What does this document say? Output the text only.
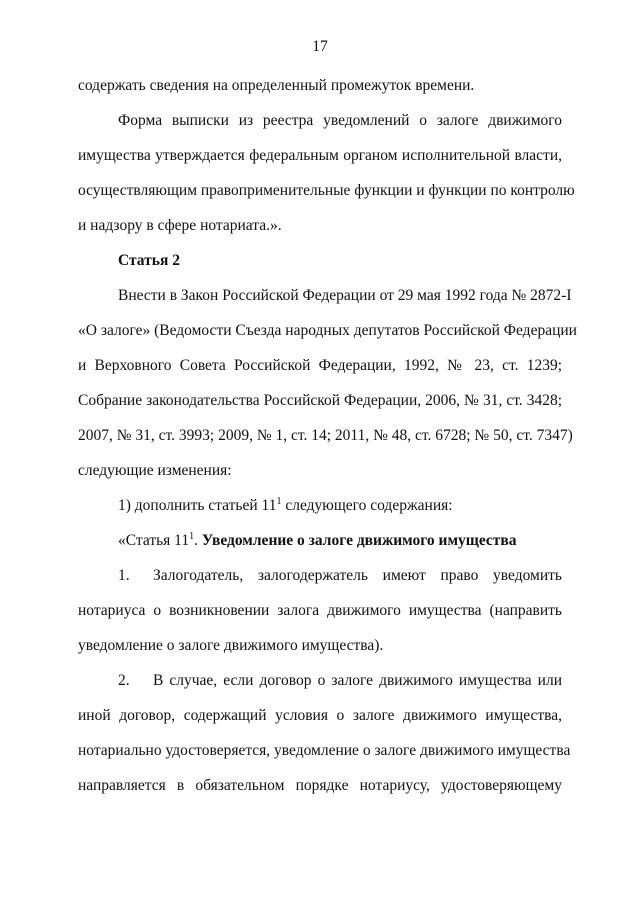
17
содержать сведения на определенный промежуток времени.
Форма выписки из реестра уведомлений о залоге движимого
имущества утверждается федеральным органом исполнительной власти,
осуществляющим правоприменительные функции и функции по контролю
и надзору в сфере нотариата.».
Статья 2
Внести в Закон Российской Федерации от 29 мая 1992 года № 2872-I
«О залоге» (Ведомости Съезда народных депутатов Российской Федерации
и Верховного Совета Российской Федерации, 1992, № 23, ст. 1239;
Собрание законодательства Российской Федерации, 2006, № 31, ст. 3428;
2007, № 31, ст. 3993; 2009, № 1, ст. 14; 2011, № 48, ст. 6728; № 50, ст. 7347)
следующие изменения:
1) дополнить статьей $11^1$ следующего содержания:
«Статья $11^1$. Уведомление о залоге движимого имущества
1. Залогодатель, залогодержатель имеют право уведомить
нотариуса о возникновении залога движимого имущества (направить
уведомление о залоге движимого имущества).
2. В случае, если договор о залоге движимого имущества или
иной договор, содержащий условия о залоге движимого имущества,
нотариально удостоверяется, уведомление о залоге движимого имущества
направляется в обязательном порядке нотариусу, удостоверяющему
